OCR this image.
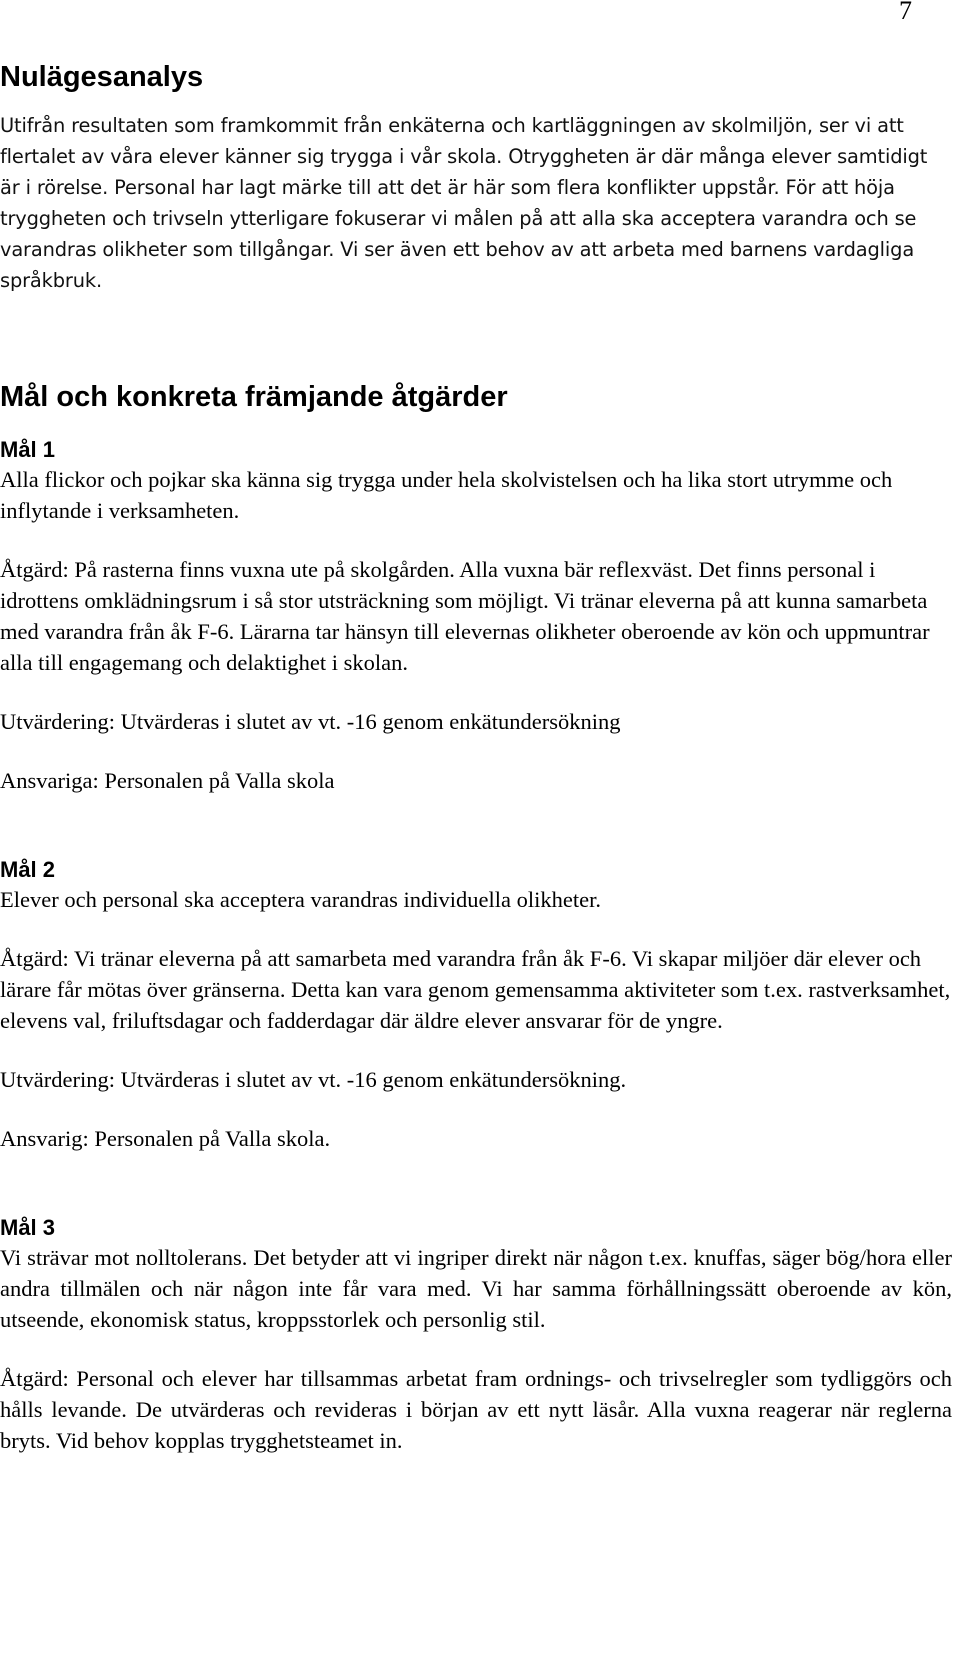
7
Nulägesanalys

Utifrån resultaten som framkommit från enkäterna och kartläggningen av skolmiljön, ser vi att flertalet av våra elever känner sig trygga i vår skola. Otryggheten är där många elever samtidigt är i rörelse. Personal har lagt märke till att det är här som flera konflikter uppstår. För att höja tryggheten och trivseln ytterligare fokuserar vi målen på att alla ska acceptera varandra och se varandras olikheter som tillgångar. Vi ser även ett behov av att arbeta med barnens vardagliga språkbruk.

Mål och konkreta främjande åtgärder
Mål 1

Alla flickor och pojkar ska känna sig trygga under hela skolvistelsen och ha lika stort utrymme och inflytande i verksamheten.

Åtgärd: På rasterna finns vuxna ute på skolgården. Alla vuxna bär reflexväst. Det finns personal i idrottens omklädningsrum i så stor utsträckning som möjligt. Vi tränar eleverna på att kunna samarbeta med varandra från åk F-6. Lärarna tar hänsyn till elevernas olikheter oberoende av kön och uppmuntrar alla till engagemang och delaktighet i skolan.

Utvärdering: Utvärderas i slutet av vt. -16 genom enkätundersökning

Ansvariga: Personalen på Valla skola

Mål 2

Elever och personal ska acceptera varandras individuella olikheter.

Åtgärd: Vi tränar eleverna på att samarbeta med varandra från åk F-6. Vi skapar miljöer där elever och lärare får mötas över gränserna. Detta kan vara genom gemensamma aktiviteter som t.ex. rastverksamhet, elevens val, friluftsdagar och fadderdagar där äldre elever ansvarar för de yngre.

Utvärdering: Utvärderas i slutet av vt. -16 genom enkätundersökning.

Ansvarig: Personalen på Valla skola.

Mål 3

Vi strävar mot nolltolerans. Det betyder att vi ingriper direkt när någon t.ex. knuffas, säger bög/hora eller andra tillmälen och när någon inte får vara med. Vi har samma förhållningssätt oberoende av kön, utseende, ekonomisk status, kroppsstorlek och personlig stil.

Åtgärd: Personal och elever har tillsammas arbetat fram ordnings- och trivselregler som tydliggörs och hålls levande. De utvärderas och revideras i början av ett nytt läsår. Alla vuxna reagerar när reglerna bryts. Vid behov kopplas trygghetsteamet in.
